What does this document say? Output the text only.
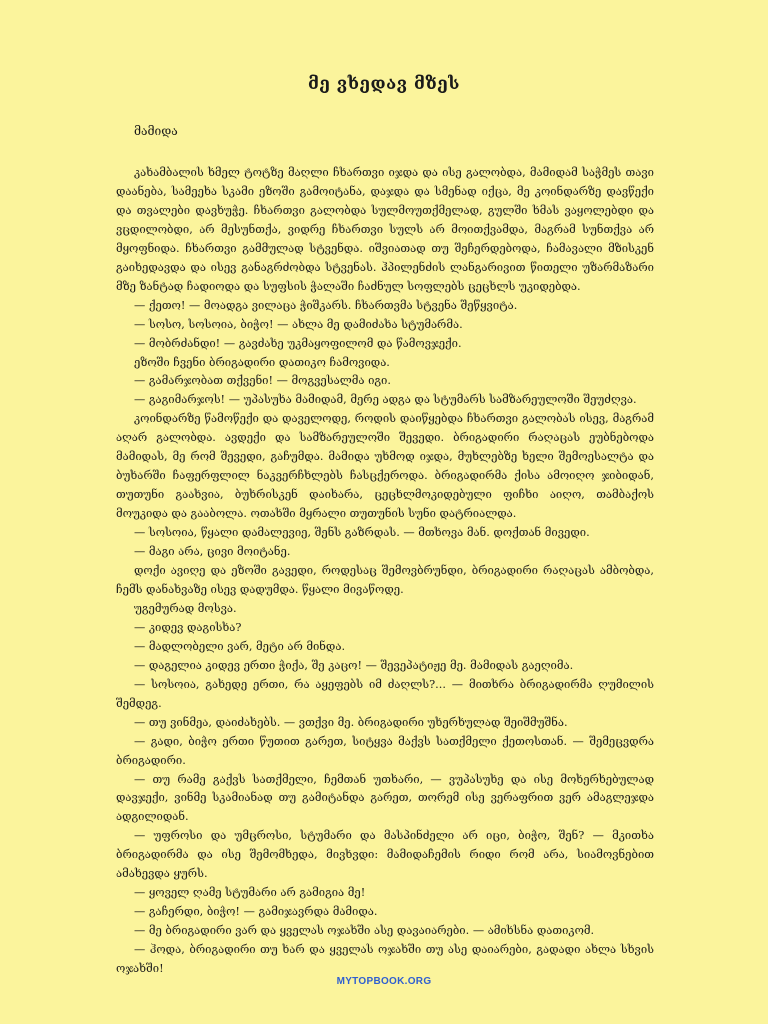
მე ვხედავ მზეს
მამიდა

კახამბალის ხმელ ტოტზე მაღლი ჩხართვი იჯდა და ისე გალობდა, მამიდამ საჭმეს თავი დაანება, სამეეხა სკამი ეზოში გამოიტანა, დაჯდა და სმენად იქცა, მე კოინდარზე დავწექი და თვალები დავხუჭე. ჩხართვი გალობდა სულმოუთქმელად, გულში ხმას ვაყოლებდი და ვცდილობდი, არ მესუნთქა, ვიდრე ჩხართვი სულს არ მოითქვამდა, მაგრამ სუნთქვა არ მყოფნიდა. ჩხართვი გამმულად სტვენდა. იშვიათად თუ შეჩერდებოდა, ჩამავალი მზისკენ გაიხედავდა და ისევ განაგრძობდა სტვენას. ჰპილენძის ლანგარივით წითელი უზარმაზარი მზე ზანტად ჩადიოდა და სუფსის ჭალაში ჩაძნულ სოფლებს ცეცხლს უკიდებდა.

— ქეთო! — მოადგა ვილაცა ჭიშკარს. ჩხართვმა სტვენა შეწყვიტა.

— სოსო, სოსოია, ბიჭო! — ახლა მე დამიძახა სტუმარმა.

— მობრძანდი! — გავძახე უკმაყოფილომ და წამოვჯექი.

ეზოში ჩვენი ბრიგადირი დათიკო ჩამოვიდა.

— გამარჯობათ თქვენი! — მოგვესალმა იგი.

— გაგიმარჯოს! — უპასუხა მამიდამ, მერე ადგა და სტუმარს სამზარეულოში შეუძღვა.

კოინდარზე წამოწექი და დაველოდე, როდის დაიწყებდა ჩხართვი გალობას ისევ, მაგრამ აღარ გალობდა. ავდექი და სამზარეულოში შევედი. ბრიგადირი რაღაცას ეუბნებოდა მამიდას, მე რომ შევედი, გაჩუმდა. მამიდა უხმოდ იჯდა, მუხლებზე ხელი შემოესალტა და ბუხარში ჩაფერფლილ ნაკვერჩხლებს ჩასცქეროდა. ბრიგადირმა ქისა ამოიღო ჯიბიდან, თუთუნი გაახვია, ბუხრისკენ დაიხარა, ცეცხლმოკიდებული ფიჩხი აიღო, თამბაქოს მოუკიდა და გააბოლა. ოთახში მყრალი თუთუნის სუნი დატრიალდა.

— სოსოია, წყალი დამალევიე, შენს გაზრდას. — მთხოვა მან. დოქთან მივედი.

— მაგი არა, ცივი მოიტანე.

დოქი ავიღე და ეზოში გავედი, როდესაც შემოვბრუნდი, ბრიგადირი რაღაცას ამბობდა, ჩემს დანახვაზე ისევ დადუმდა. წყალი მივაწოდე.

უგემურად მოსვა.

— კიდევ დაგისხა?

— მადლობელი ვარ, მეტი არ მინდა.

— დაგელია კიდევ ერთი ჭიქა, შე კაცო! — შევეპატიჟე მე. მამიდას გაეღიმა.

— სოსოია, გახედე ერთი, რა აყეფებს იმ ძაღლს?... — მითხრა ბრიგადირმა ღუმილის შემდეგ.

— თუ ვინმეა, დაიძახებს. — ვთქვი მე. ბრიგადირი უხერხულად შეიშმუშნა.

— გადი, ბიჭო ერთი წუთით გარეთ, სიტყვა მაქვს სათქმელი ქეთოსთან. — შემეცვდრა ბრიგადირი.

— თუ რამე გაქვს სათქმელი, ჩემთან უთხარი, — ვუპასუხე და ისე მოხერხებულად დავჯექი, ვინმე სკამიანად თუ გამიტანდა გარეთ, თორემ ისე ვერაფრით ვერ ამაგლეჯდა ადგილიდან.

— უფროსი და უმცროსი, სტუმარი და მასპინძელი არ იცი, ბიჭო, შენ? — მკითხა ბრიგადირმა და ისე შემომხედა, მივხვდი: მამიდაჩემის რიდი რომ არა, სიამოვნებით ამახევდა ყურს.

— ყოველ ღამე სტუმარი არ გამიგია მე!

— გაჩერდი, ბიჭო! — გამიჯავრდა მამიდა.

— მე ბრიგადირი ვარ და ყველას ოჯახში ასე დავაიარები. — ამიხსნა დათიკომ.

— ჰოდა, ბრიგადირი თუ ხარ და ყველას ოჯახში თუ ასე დაიარები, გადადი ახლა სხვის ოჯახში!

MYTOPBOOK.ORG
